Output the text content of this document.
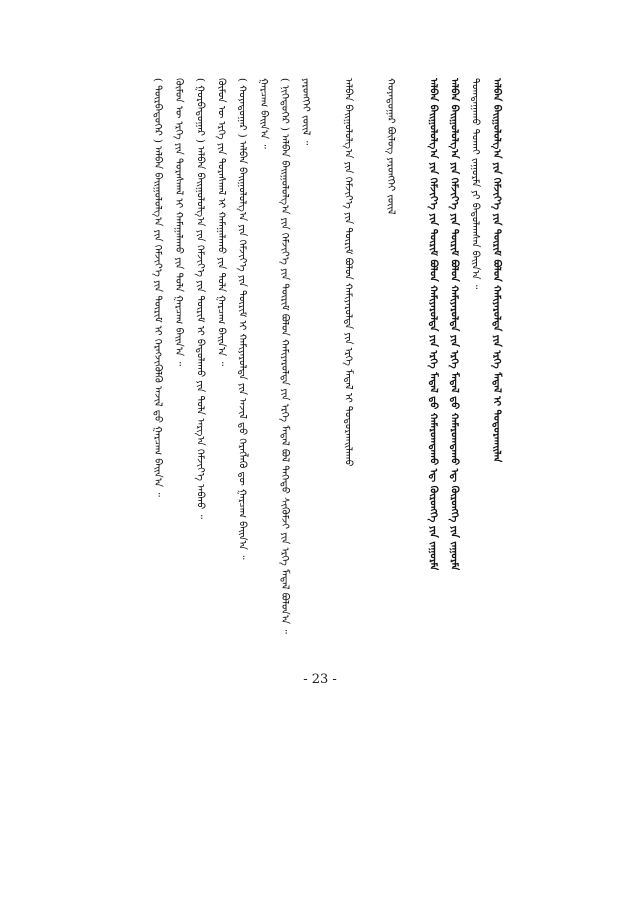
ᠠᠯᠪᠠᠨ ᠪᠠᠢᠭᠤᠯᠤᠯᠭ᠎ᠠ ᠶᠢᠨ ᠬᠡᠮᠵᠢᠶ᠎ᠡ ᠶᠢᠨ ᠳᠦᠷᠢᠮ ᠪᠣᠯᠤᠨ ᠬᠠᠮᠢᠶᠠᠷᠤᠯᠲᠠ ᠶᠢᠨ ᠡᠷᠬᠡ ᠮᠡᠳᠡᠯ ᠢ ᠲᠣᠳᠣᠷᠬᠠᠢᠯᠠᠨ
ᠲᠣᠭᠲᠠᠭᠠᠬᠤ ᠲᠤᠬᠠᠢ ᠵᠠᠭᠤᠷᠮᠠ ᠶᠢ ᠪᠠᠲᠤᠯᠠᠭᠰᠠᠨ ᠪᠠᠢᠨ᠎ᠠ ᠃
ᠠᠯᠪᠠᠨ ᠪᠠᠢᠭᠤᠯᠤᠯᠭ᠎ᠠ ᠶᠢᠨ ᠬᠡᠮᠵᠢᠶ᠎ᠡ ᠶᠢᠨ ᠳᠦᠷᠢᠮ ᠪᠣᠯᠤᠨ ᠬᠠᠮᠢᠶᠠᠷᠤᠯᠲᠠ ᠶᠢᠨ ᠡᠷᠬᠡ ᠮᠡᠳᠡᠯ ᠳ᠋ᠦ ᠬᠠᠮᠠᠷᠤᠭᠳᠠᠬᠤ ᠡᠳ᠋ ᠬᠦᠷᠦᠩᠭᠡ ᠶᠢᠨ ᠵᠠᠭᠤᠷᠮᠠ
ᠠᠯᠪᠠᠨ ᠪᠠᠢᠭᠤᠯᠤᠯᠭ᠎ᠠ ᠶᠢᠨ ᠬᠡᠮᠵᠢᠶ᠎ᠡ ᠶᠢᠨ ᠳᠦᠷᠢᠮ ᠪᠣᠯᠤᠨ ᠬᠠᠮᠢᠶᠠᠷᠤᠯᠲᠠ ᠶᠢᠨ ᠡᠷᠬᠡ ᠮᠡᠳᠡᠯ ᠳ᠋ᠦ ᠬᠠᠮᠠᠷᠤᠭᠳᠠᠬᠤ ᠡᠳ᠋ ᠬᠦᠷᠦᠩᠭᠡ ᠶᠢᠨ ᠵᠠᠭᠤᠷᠮᠠ
ᠬᠣᠶᠠᠳᠤᠭᠠᠷ ᠪᠦᠯᠦᠭ ᠶᠡᠷᠦᠩᠬᠡᠢ ᠵᠦᠢᠯ
ᠠᠯᠪᠠᠨ ᠪᠠᠢᠭᠤᠯᠤᠯᠭ᠎ᠠ ᠶᠢᠨ ᠬᠡᠮᠵᠢᠶ᠎ᠡ ᠶᠢᠨ ᠳᠦᠷᠢᠮ ᠪᠣᠯᠤᠨ ᠬᠠᠮᠢᠶᠠᠷᠤᠯᠲᠠ ᠶᠢᠨ ᠡᠷᠬᠡ ᠮᠡᠳᠡᠯ ᠢ ᠲᠣᠳᠣᠷᠬᠠᠢᠯᠠᠬᠤ
ᠶᠡᠷᠦᠩᠬᠡᠢ ᠵᠦᠢᠯ ᠃
( ᠨᠢᠭᠡᠳᠦᠭᠡᠷ ) ᠠᠯᠪᠠᠨ ᠪᠠᠢᠭᠤᠯᠤᠯᠭ᠎ᠠ ᠶᠢᠨ ᠬᠡᠮᠵᠢᠶ᠎ᠡ ᠶᠢᠨ ᠳᠦᠷᠢᠮ ᠪᠣᠯᠤᠨ ᠬᠠᠮᠢᠶᠠᠷᠤᠯᠲᠠ ᠶᠢᠨ ᠡᠷᠬᠡ ᠮᠡᠳᠡᠯ ᠪᠣᠯ ᠳᠡᠭᠡᠳᠦ ᠰᠢᠭᠦᠮᠵᠢ ᠶᠢᠨ ᠡᠷᠬᠡ ᠮᠡᠳᠡᠯ ᠪᠣᠯᠤᠨ᠎ᠠ ᠃
ᠭᠠᠷᠴᠠᠭ ᠪᠠᠢᠨ᠎ᠠ ᠃
( ᠬᠣᠶᠠᠳᠤᠭᠠᠷ ) ᠠᠯᠪᠠᠨ ᠪᠠᠢᠭᠤᠯᠤᠯᠭ᠎ᠠ ᠶᠢᠨ ᠬᠡᠮᠵᠢᠶ᠎ᠡ ᠶᠢᠨ ᠳᠦᠷᠢᠮ ᠢ ᠬᠠᠮᠢᠶᠠᠷᠤᠯᠲᠠ ᠶᠢᠨ ᠠᠵᠢᠯ ᠳ᠋ᠤ ᠬᠡᠷᠡᠭᠯᠡᠬᠦ ᠳᠦ ᠭᠠᠷᠴᠠᠭ ᠪᠠᠢᠨ᠎ᠠ ᠃
ᠬᠦᠮᠦᠨ ᠦ ᠡᠷᠬᠡ ᠶᠢᠨ ᠳᠤᠷᠠᠰᠬᠠᠯ ᠢ ᠬᠠᠮᠠᠭᠠᠯᠠᠬᠤ ᠶᠢᠨ ᠲᠤᠯᠠ ᠭᠠᠷᠴᠠᠭ ᠪᠠᠢᠨ᠎ᠠ ᠃
( ᠭᠤᠷᠪᠠᠳᠤᠭᠠᠷ ) ᠠᠯᠪᠠᠨ ᠪᠠᠢᠭᠤᠯᠤᠯᠭ᠎ᠠ ᠶᠢᠨ ᠬᠡᠮᠵᠢᠶ᠎ᠡ ᠶᠢᠨ ᠳᠦᠷᠢᠮ ᠢ ᠪᠠᠲᠤᠯᠠᠬᠤ ᠶᠢᠨ ᠲᠤᠯᠠ ᠠᠷᠭ᠎ᠠ ᠬᠡᠮᠵᠢᠶ᠎ᠡ ᠠᠪᠬᠤ ᠃
ᠬᠦᠮᠦᠨ ᠦ ᠡᠷᠬᠡ ᠶᠢᠨ ᠳᠤᠷᠠᠰᠬᠠᠯ ᠢ ᠬᠠᠮᠠᠭᠠᠯᠠᠬᠤ ᠶᠢᠨ ᠲᠤᠯᠠ ᠭᠠᠷᠴᠠᠭ ᠪᠠᠢᠨ᠎ᠠ ᠃
( ᠳᠦᠷᠪᠡᠳᠦᠭᠡᠷ ) ᠠᠯᠪᠠᠨ ᠪᠠᠢᠭᠤᠯᠤᠯᠭ᠎ᠠ ᠶᠢᠨ ᠬᠡᠮᠵᠢᠶ᠎ᠡ ᠶᠢᠨ ᠳᠦᠷᠢᠮ ᠢ ᠬᠡᠷᠡᠭᠵᠢᠭᠦᠯᠬᠦ ᠠᠵᠢᠯ ᠳ᠋ᠤ ᠭᠠᠷᠴᠠᠭ ᠪᠠᠢᠨ᠎ᠠ ᠃
- 23 -
